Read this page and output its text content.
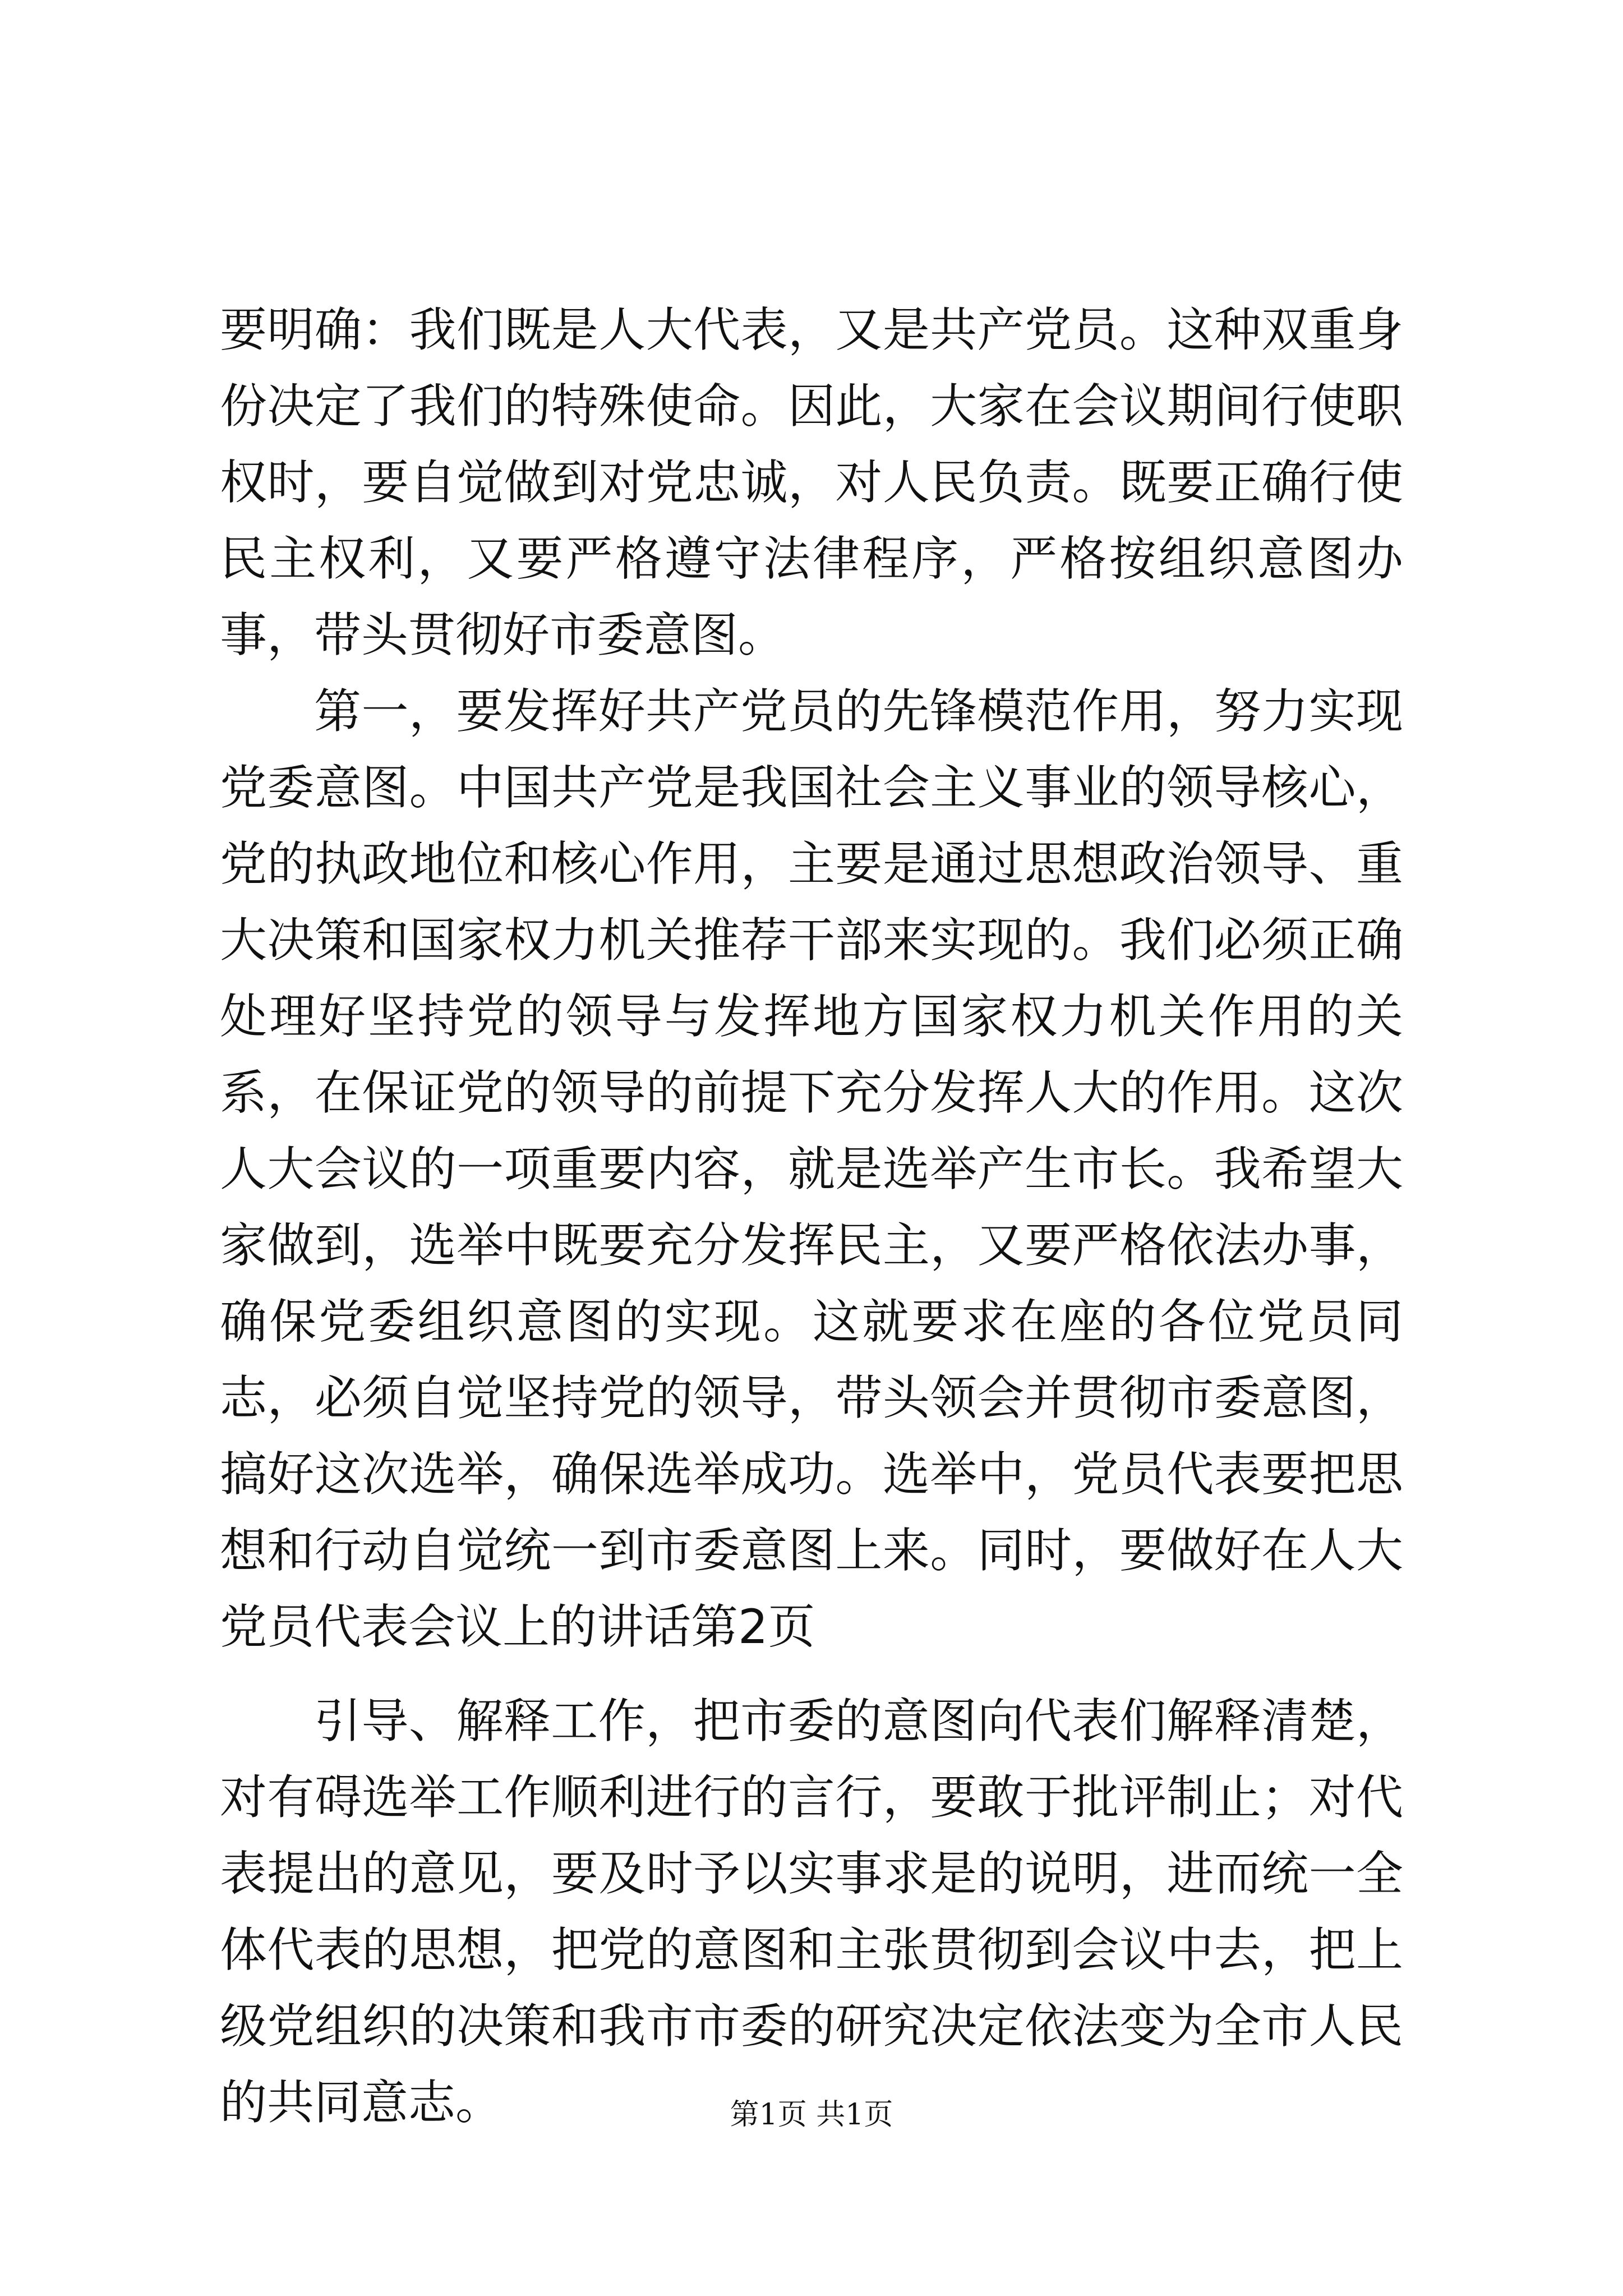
要明确：我们既是人大代表，又是共产党员。这种双重身份决定了我们的特殊使命。因此，大家在会议期间行使职权时，要自觉做到对党忠诚，对人民负责。既要正确行使民主权利，又要严格遵守法律程序，严格按组织意图办事，带头贯彻好市委意图。

第一，要发挥好共产党员的先锋模范作用，努力实现党委意图。中国共产党是我国社会主义事业的领导核心，党的执政地位和核心作用，主要是通过思想政治领导、重大决策和国家权力机关推荐干部来实现的。我们必须正确处理好坚持党的领导与发挥地方国家权力机关作用的关系，在保证党的领导的前提下充分发挥人大的作用。这次人大会议的一项重要内容，就是选举产生市长。我希望大家做到，选举中既要充分发挥民主，又要严格依法办事，确保党委组织意图的实现。这就要求在座的各位党员同志，必须自觉坚持党的领导，带头领会并贯彻市委意图，搞好这次选举，确保选举成功。选举中，党员代表要把思想和行动自觉统一到市委意图上来。同时，要做好在人大党员代表会议上的讲话第2页

引导、解释工作，把市委的意图向代表们解释清楚，对有碍选举工作顺利进行的言行，要敢于批评制止；对代表提出的意见，要及时予以实事求是的说明，进而统一全体代表的思想，把党的意图和主张贯彻到会议中去，把上级党组织的决策和我市市委的研究决定依法变为全市人民的共同意志。	第1页 共1页
